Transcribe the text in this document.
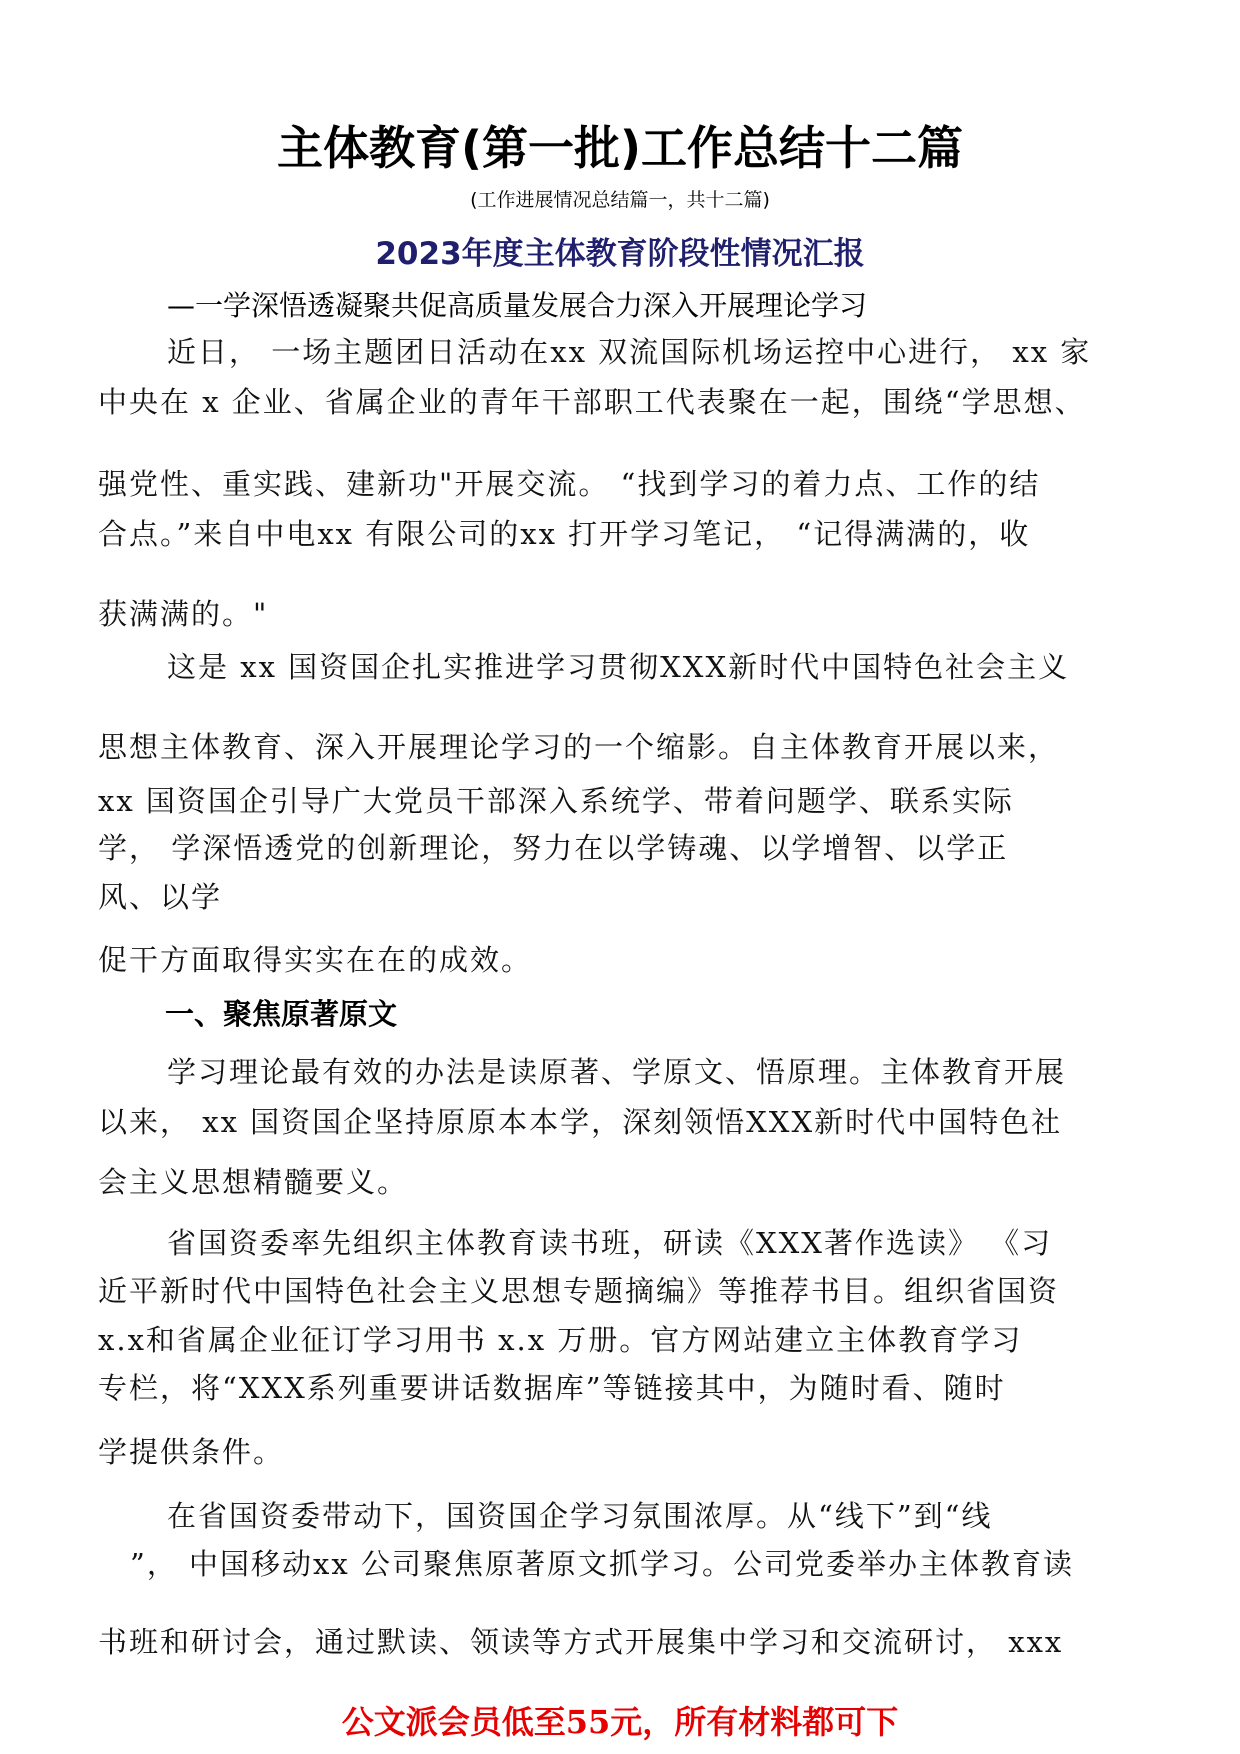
主体教育(第一批)工作总结十二篇
(工作进展情况总结篇一，共十二篇)
2023年度主体教育阶段性情况汇报
—一学深悟透凝聚共促高质量发展合力深入开展理论学习
近日， 一场主题团日活动在xx 双流国际机场运控中心进行， xx 家
中央在 x 企业、省属企业的青年干部职工代表聚在一起，围绕“学思想、
强党性、重实践、建新功"开展交流。 “找到学习的着力点、工作的结
合点。”来自中电xx 有限公司的xx 打开学习笔记， “记得满满的，收
获满满的。"
这是 xx 国资国企扎实推进学习贯彻XXX新时代中国特色社会主义
思想主体教育、深入开展理论学习的一个缩影。自主体教育开展以来，
xx 国资国企引导广大党员干部深入系统学、带着问题学、联系实际
学， 学深悟透党的创新理论，努力在以学铸魂、以学增智、以学正
风、以学
促干方面取得实实在在的成效。
一、聚焦原著原文
学习理论最有效的办法是读原著、学原文、悟原理。主体教育开展
以来， xx 国资国企坚持原原本本学，深刻领悟XXX新时代中国特色社
会主义思想精髓要义。
省国资委率先组织主体教育读书班，研读《XXX著作选读》 《习
近平新时代中国特色社会主义思想专题摘编》等推荐书目。组织省国资
x.x和省属企业征订学习用书 x.x 万册。官方网站建立主体教育学习
专栏，将“XXX系列重要讲话数据库”等链接其中，为随时看、随时
学提供条件。
在省国资委带动下，国资国企学习氛围浓厚。从“线下”到“线
”， 中国移动xx 公司聚焦原著原文抓学习。公司党委举办主体教育读
书班和研讨会，通过默读、领读等方式开展集中学习和交流研讨， xxx
公文派会员低至55元，所有材料都可下
